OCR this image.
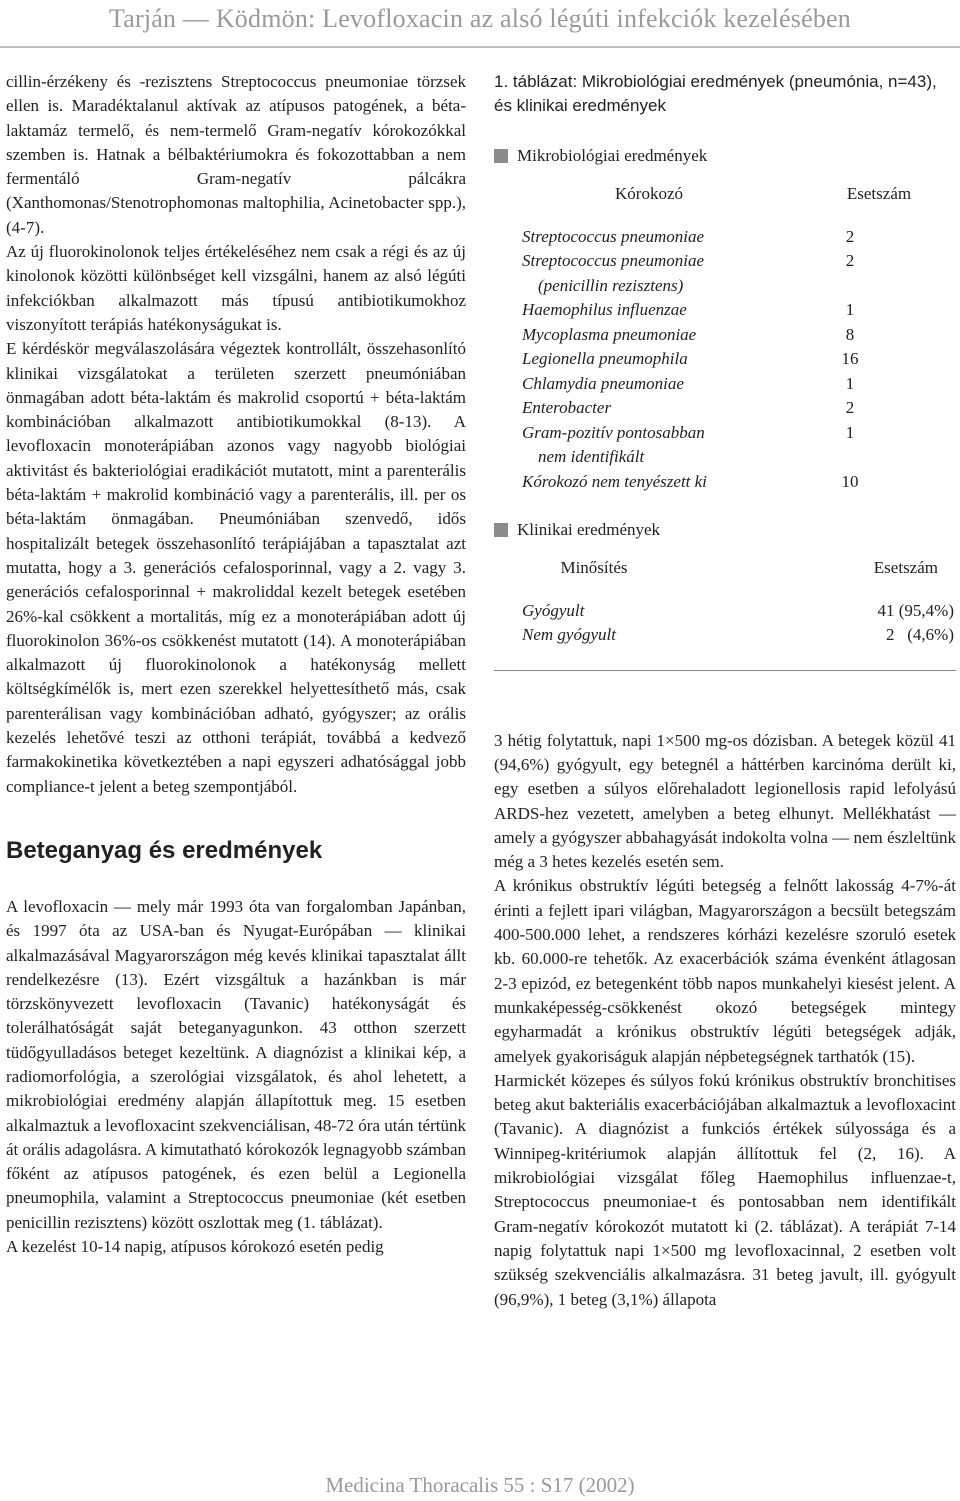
Tarján — Ködmön: Levofloxacin az alsó légúti infekciók kezelésében

cillin-érzékeny és -rezisztens Streptococcus pneumoniae törzsek ellen is. Maradéktalanul aktívak az atípusos patogének, a béta-laktamáz termelő, és nem-termelő Gram-negatív kórokozókkal szemben is. Hatnak a bélbaktériumokra és fokozottabban a nem fermentáló Gram-negatív pálcákra (Xanthomonas/Stenotrophomonas maltophilia, Acinetobacter spp.), (4-7).

Az új fluorokinolonok teljes értékeléséhez nem csak a régi és az új kinolonok közötti különbséget kell vizsgálni, hanem az alsó légúti infekciókban alkalmazott más típusú antibiotikumokhoz viszonyított terápiás hatékonyságukat is.

E kérdéskör megválaszolására végeztek kontrollált, összehasonlító klinikai vizsgálatokat a területen szerzett pneumóniában önmagában adott béta-laktám és makrolid csoportú + béta-laktám kombinációban alkalmazott antibiotikumokkal (8-13). A levofloxacin monoterápiában azonos vagy nagyobb biológiai aktivitást és bakteriológiai eradikációt mutatott, mint a parenterális béta-laktám + makrolid kombináció vagy a parenterális, ill. per os béta-laktám önmagában. Pneumóniában szenvedő, idős hospitalizált betegek összehasonlító terápiájában a tapasztalat azt mutatta, hogy a 3. generációs cefalosporinnal, vagy a 2. vagy 3. generációs cefalosporinnal + makroliddal kezelt betegek esetében 26%-kal csökkent a mortalitás, míg ez a monoterápiában adott új fluorokinolon 36%-os csökkenést mutatott (14). A monoterápiában alkalmazott új fluorokinolonok a hatékonyság mellett költségkímélők is, mert ezen szerekkel helyettesíthető más, csak parenterálisan vagy kombinációban adható, gyógyszer; az orális kezelés lehetővé teszi az otthoni terápiát, továbbá a kedvező farmakokinetika következtében a napi egyszeri adhatósággal jobb compliance-t jelent a beteg szempontjából.

Beteganyag és eredmények

A levofloxacin — mely már 1993 óta van forgalomban Japánban, és 1997 óta az USA-ban és Nyugat-Európában — klinikai alkalmazásával Magyarországon még kevés klinikai tapasztalat állt rendelkezésre (13). Ezért vizsgáltuk a hazánkban is már törzskönyvezett levofloxacin (Tavanic) hatékonyságát és tolerálhatóságát saját beteganyagunkon. 43 otthon szerzett tüdőgyulladásos beteget kezeltünk. A diagnózist a klinikai kép, a radiomorfológia, a szerológiai vizsgálatok, és ahol lehetett, a mikrobiológiai eredmény alapján állapítottuk meg. 15 esetben alkalmaztuk a levofloxacint szekvenciálisan, 48-72 óra után tértünk át orális adagolásra. A kimutatható kórokozók legnagyobb számban főként az atípusos patogének, és ezen belül a Legionella pneumophila, valamint a Streptococcus pneumoniae (két esetben penicillin rezisztens) között oszlottak meg (1. táblázat).

A kezelést 10-14 napig, atípusos kórokozó esetén pedig

1. táblázat: Mikrobiológiai eredmények (pneumónia, n=43), és klinikai eredmények
Mikrobiológiai eredmények
Kórokozó	Esetszám
Streptococcus pneumoniae	2
Streptococcus pneumoniae	2
(penicillin rezisztens)
Haemophilus influenzae	1
Mycoplasma pneumoniae	8
Legionella pneumophila	16
Chlamydia pneumoniae	1
Enterobacter	2
Gram-pozitív pontosabban	1
nem identifikált
Kórokozó nem tenyészett ki	10
Klinikai eredmények
Minősítés	Esetszám
Gyógyult	41 (95,4%)
Nem gyógyult	2   (4,6%)

3 hétig folytattuk, napi 1×500 mg-os dózisban. A betegek közül 41 (94,6%) gyógyult, egy betegnél a háttérben karcinóma derült ki, egy esetben a súlyos előrehaladott legionellosis rapid lefolyású ARDS-hez vezetett, amelyben a beteg elhunyt. Mellékhatást — amely a gyógyszer abbahagyását indokolta volna — nem észleltünk még a 3 hetes kezelés esetén sem.

A krónikus obstruktív légúti betegség a felnőtt lakosság 4-7%-át érinti a fejlett ipari világban, Magyarországon a becsült betegszám 400-500.000 lehet, a rendszeres kórházi kezelésre szoruló esetek kb. 60.000-re tehetők. Az exacerbációk száma évenként átlagosan 2-3 epizód, ez betegenként több napos munkahelyi kiesést jelent. A munkaképesség-csökkenést okozó betegségek mintegy egyharmadát a krónikus obstruktív légúti betegségek adják, amelyek gyakoriságuk alapján népbetegségnek tarthatók (15).

Harmickét közepes és súlyos fokú krónikus obstruktív bronchitises beteg akut bakteriális exacerbációjában alkalmaztuk a levofloxacint (Tavanic). A diagnózist a funkciós értékek súlyossága és a Winnipeg-kritériumok alapján állítottuk fel (2, 16). A mikrobiológiai vizsgálat főleg Haemophilus influenzae-t, Streptococcus pneumoniae-t és pontosabban nem identifikált Gram-negatív kórokozót mutatott ki (2. táblázat). A terápiát 7-14 napig folytattuk napi 1×500 mg levofloxacinnal, 2 esetben volt szükség szekvenciális alkalmazásra. 31 beteg javult, ill. gyógyult (96,9%), 1 beteg (3,1%) állapota

Medicina Thoracalis 55 : S17 (2002)
